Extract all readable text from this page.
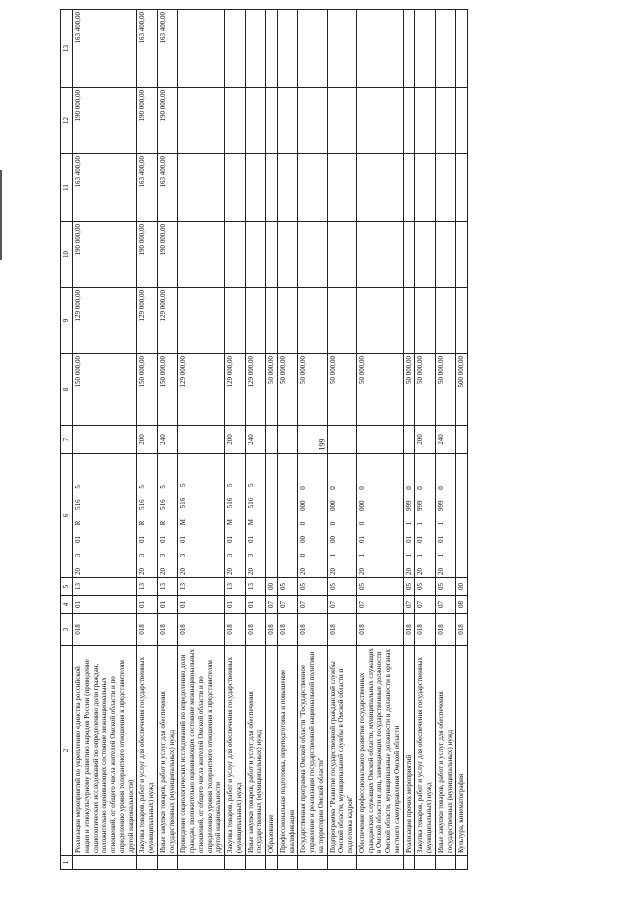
199
1	2	3	4	5	6	7	8	9	10	11	12	13
	Реализация мероприятий по укреплению единства российской нации и этнокультурному развитию народов России (проведение социологических исследований по определению доли граждан, положительно оценивающих состояние межнациональных отношений, от общего числа жителей Омской области и по определению уровня толерантного отношения к представителям другой национальности)	018	01	13	20 3 01 R 516 5		150 000,00	129 000,00	190 000,00	163 400,00	190 000,00	163 400,00
	Закупка товаров, работ и услуг для обеспечения государственных (муниципальных) нужд	018	01	13	20 3 01 R 516 5	200	150 000,00	129 000,00	190 000,00	163 400,00	190 000,00	163 400,00
	Иные закупки товаров, работ и услуг для обеспечения государственных (муниципальных) нужд	018	01	13	20 3 01 R 516 5	240	150 000,00	129 000,00	190 000,00	163 400,00	190 000,00	163 400,00
	Проведение социологических исследований по определению доли граждан, положительно оценивающих состояние межнациональных отношений, от общего числа жителей Омской области и по определению уровня толерантного отношения к представителям другой национальности	018	01	13	20 3 01 M 516 5		129 000,00					
	Закупка товаров, работ и услуг для обеспечения государственных (муниципальных) нужд	018	01	13	20 3 01 M 516 5	200	129 000,00					
	Иные закупки товаров, работ и услуг для обеспечения государственных (муниципальных) нужд	018	01	13	20 3 01 M 516 5	240	129 000,00					
	Образование	018	07	00			50 000,00					
	Профессиональная подготовка, переподготовка и повышение квалификации	018	07	05			50 000,00					
	Государственная программа Омской области "Государственное управление и реализация государственной национальной политики на территории Омской области"	018	07	05	20 0 00 0 000 0		50 000,00					
	Подпрограмма "Развитие государственной гражданской службы Омской области, муниципальной службы в Омской области и подготовка кадров"	018	07	05	20 1 00 0 000 0		50 000,00					
	Обеспечение профессионального развития государственных гражданских служащих Омской области, муниципальных служащих в Омской области и лиц, замещающих государственные должности Омской области, муниципальные должности и должности в органах местного самоуправления Омской области	018	07	05	20 1 01 0 000 0		50 000,00					
	Реализация прочих мероприятий	018	07	05	20 1 01 1 999 0		50 000,00					
	Закупка товаров, работ и услуг для обеспечения государственных (муниципальных) нужд	018	07	05	20 1 01 1 999 0	200	50 000,00					
	Иные закупки товаров, работ и услуг для обеспечения государственных (муниципальных) нужд	018	07	05	20 1 01 1 999 0	240	50 000,00					
	Культура, кинематография	018	08	00			500 000,00					
